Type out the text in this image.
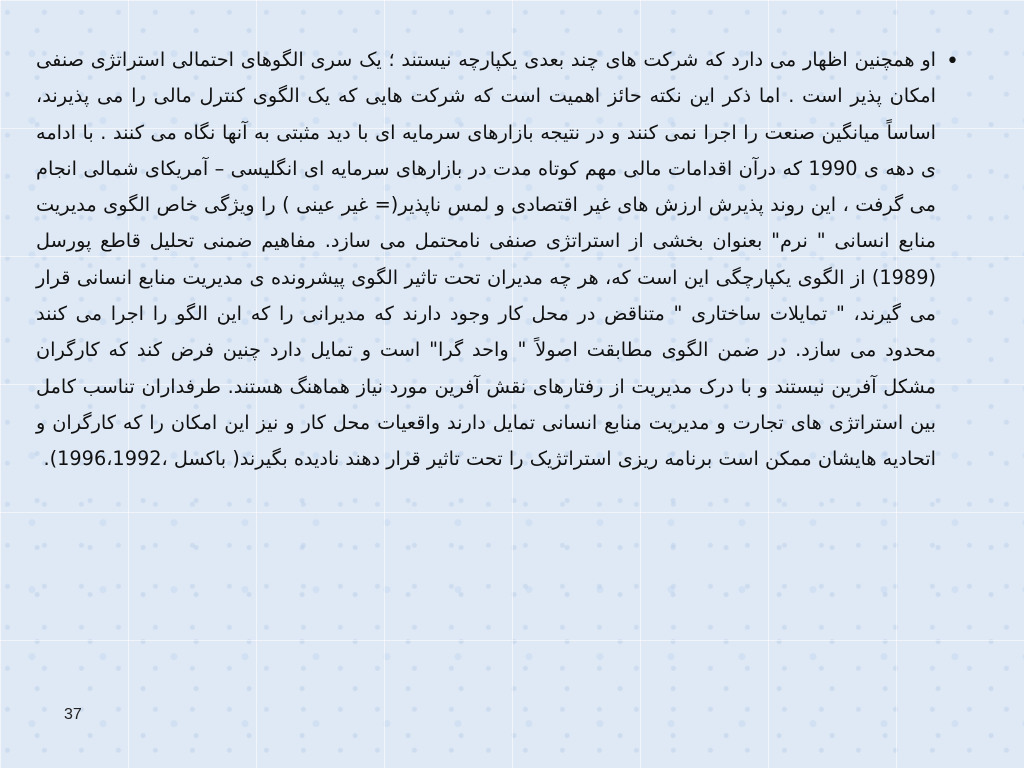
•

او همچنین اظهار می دارد که شرکت های چند بعدی یکپارچه نیستند ؛ یک سری الگوهای احتمالی استراتژی صنفی امکان پذیر است . اما ذکر این نکته حائز اهمیت است که شرکت هایی که یک الگوی کنترل مالی را می پذیرند، اساساً میانگین صنعت را اجرا نمی کنند و در نتیجه بازارهای سرمایه ای با دید مثبتی به آنها نگاه می کنند . با ادامه ی دهه ی 1990 که درآن اقدامات مالی مهم کوتاه مدت در بازارهای سرمایه ای انگلیسی – آمریکای شمالی انجام می گرفت ، این روند پذیرش ارزش های غیر اقتصادی و لمس ناپذیر(= غیر عینی ) را ویژگی خاص الگوی مدیریت منابع انسانی " نرم" بعنوان بخشی از استراتژی صنفی نامحتمل می سازد. مفاهیم ضمنی تحلیل قاطع پورسل (1989) از الگوی یکپارچگی این است که، هر چه مدیران تحت تاثیر الگوی پیشرونده ی مدیریت منابع انسانی قرار می گیرند، " تمایلات ساختاری " متناقض در محل کار وجود دارند که مدیرانی را که این الگو را اجرا می کنند محدود می سازد. در ضمن الگوی مطابقت اصولاً " واحد گرا" است و تمایل دارد چنین فرض کند که کارگران مشکل آفرین نیستند و با درک مدیریت از رفتارهای نقش آفرین مورد نیاز هماهنگ هستند. طرفداران تناسب کامل بین استراتژی های تجارت و مدیریت منابع انسانی تمایل دارند واقعیات محل کار و نیز این امکان را که کارگران و اتحادیه هایشان ممکن است برنامه ریزی استراتژیک را تحت تاثیر قرار دهند نادیده بگیرند( باکسل ،1996،1992).

37
